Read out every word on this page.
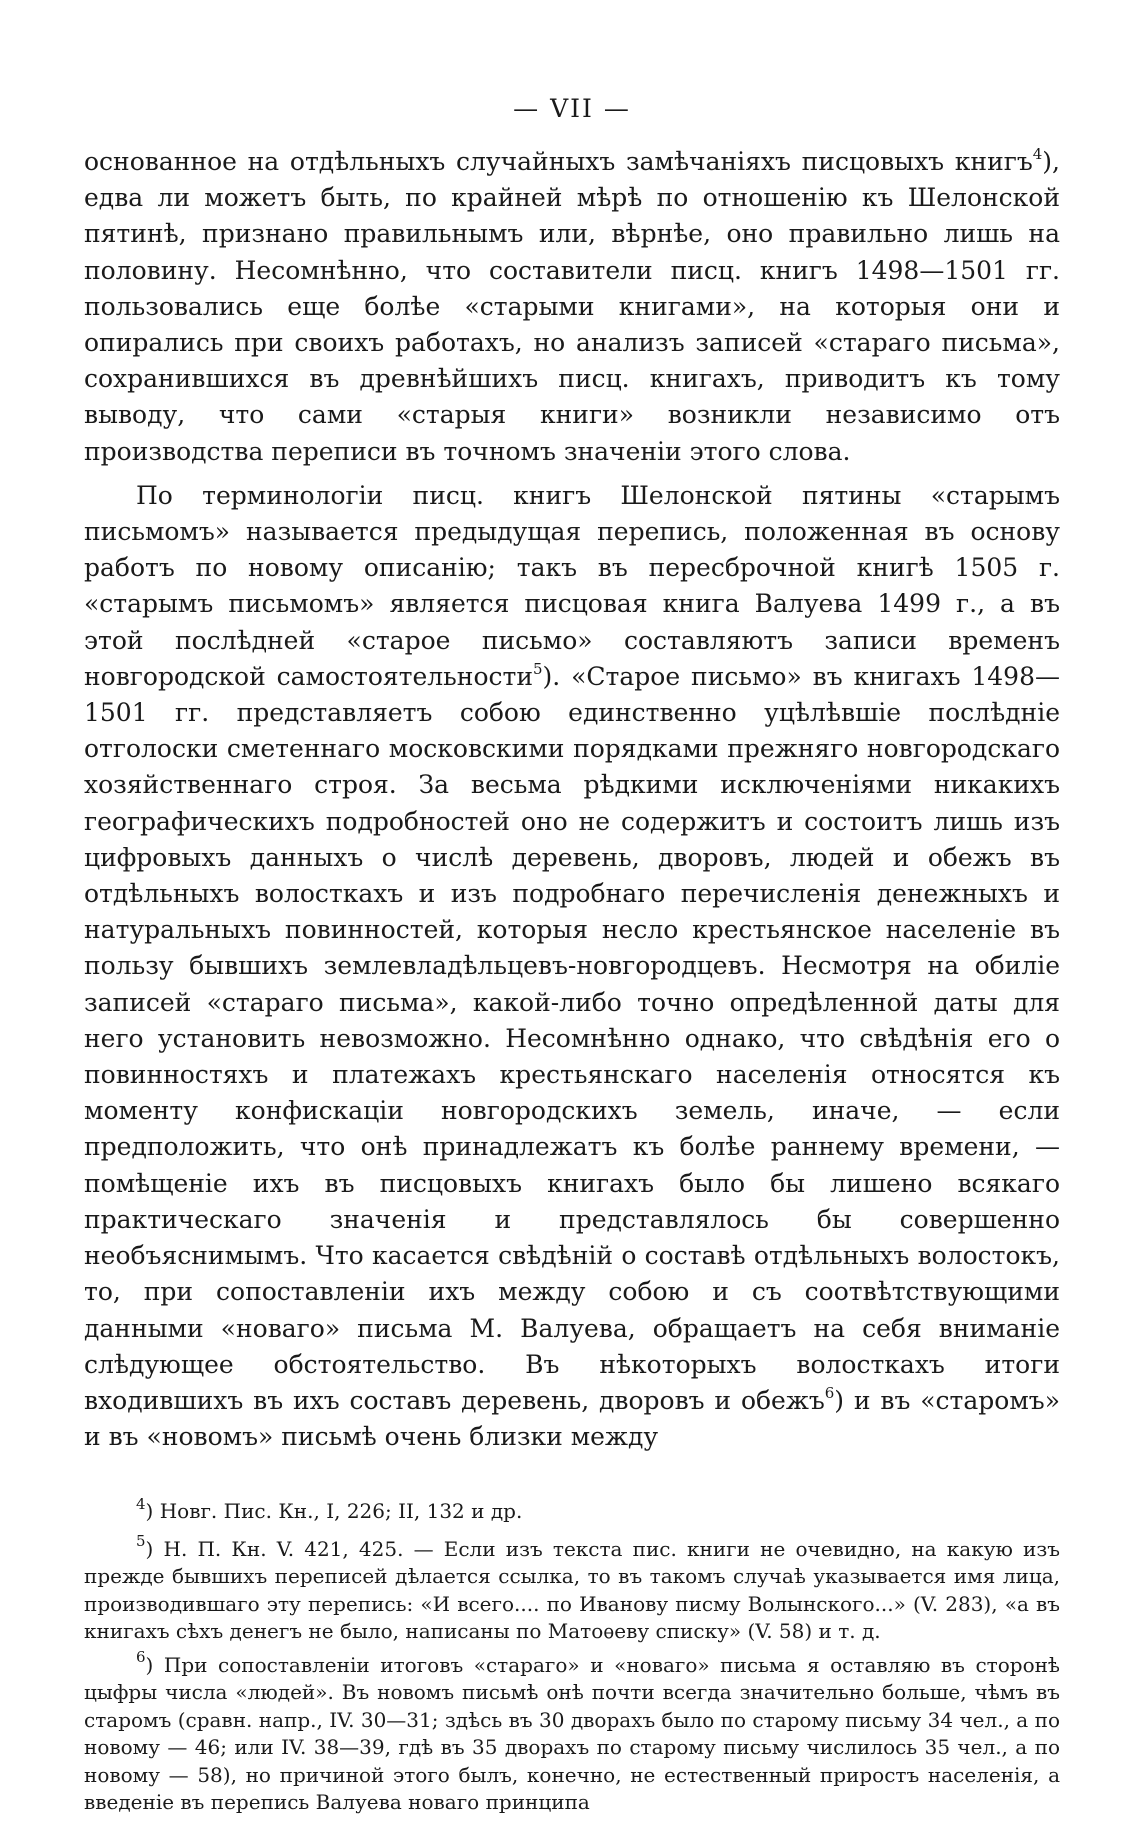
— VII —

основанное на отдѣльныхъ случайныхъ замѣчаніяхъ писцовыхъ книгъ$^4$), едва ли можетъ быть, по крайней мѣрѣ по отношенію къ Шелонской пятинѣ, признано правильнымъ или, вѣрнѣе, оно правильно лишь на половину. Несомнѣнно, что составители писц. книгъ 1498—1501 гг. пользовались еще болѣе «старыми книгами», на которыя они и опирались при своихъ работахъ, но анализъ записей «стараго письма», сохранившихся въ древнѣйшихъ писц. книгахъ, приводитъ къ тому выводу, что сами «старыя книги» возникли независимо отъ производства переписи въ точномъ значеніи этого слова.

По терминологіи писц. книгъ Шелонской пятины «старымъ письмомъ» называется предыдущая перепись, положенная въ основу работъ по новому описанію; такъ въ пересброчной книгѣ 1505 г. «старымъ письмомъ» является писцовая книга Валуева 1499 г., а въ этой послѣдней «старое письмо» составляютъ записи временъ новгородской самостоятельности$^5$). «Старое письмо» въ книгахъ 1498—1501 гг. представляетъ собою единственно уцѣлѣвшіе послѣдніе отголоски сметеннаго московскими порядками прежняго новгородскаго хозяйственнаго строя. За весьма рѣдкими исключеніями никакихъ географическихъ подробностей оно не содержитъ и состоитъ лишь изъ цифровыхъ данныхъ о числѣ деревень, дворовъ, людей и обежъ въ отдѣльныхъ волосткахъ и изъ подробнаго перечисленія денежныхъ и натуральныхъ повинностей, которыя несло крестьянское населеніе въ пользу бывшихъ землевладѣльцевъ-новгородцевъ. Несмотря на обиліе записей «стараго письма», какой-либо точно опредѣленной даты для него установить невозможно. Несомнѣнно однако, что свѣдѣнія его о повинностяхъ и платежахъ крестьянскаго населенія относятся къ моменту конфискаціи новгородскихъ земель, иначе, — если предположить, что онѣ принадлежатъ къ болѣе раннему времени, — помѣщеніе ихъ въ писцовыхъ книгахъ было бы лишено всякаго практическаго значенія и представлялось бы совершенно необъяснимымъ. Что касается свѣдѣній о составѣ отдѣльныхъ волостокъ, то, при сопоставленіи ихъ между собою и съ соотвѣтствующими данными «новаго» письма М. Валуева, обращаетъ на себя вниманіе слѣдующее обстоятельство. Въ нѣкоторыхъ волосткахъ итоги входившихъ въ ихъ составъ деревень, дворовъ и обежъ$^6$) и въ «старомъ» и въ «новомъ» письмѣ очень близки между

$^4$) Новг. Пис. Кн., I, 226; II, 132 и др.

$^5$) Н. П. Кн. V. 421, 425. — Если изъ текста пис. книги не очевидно, на какую изъ прежде бывшихъ переписей дѣлается ссылка, то въ такомъ случаѣ указывается имя лица, производившаго эту перепись: «И всего.... по Иванову писму Волынского...» (V. 283), «а въ книгахъ сѣхъ денегъ не было, написаны по Матоѳеву списку» (V. 58) и т. д.

$^6$) При сопоставленіи итоговъ «стараго» и «новаго» письма я оставляю въ сторонѣ цыфры числа «людей». Въ новомъ письмѣ онѣ почти всегда значительно больше, чѣмъ въ старомъ (сравн. напр., IV. 30—31; здѣсь въ 30 дворахъ было по старому письму 34 чел., а по новому — 46; или IV. 38—39, гдѣ въ 35 дворахъ по старому письму числилось 35 чел., а по новому — 58), но причиной этого былъ, конечно, не естественный приростъ населенія, а введеніе въ перепись Валуева новаго принципа
